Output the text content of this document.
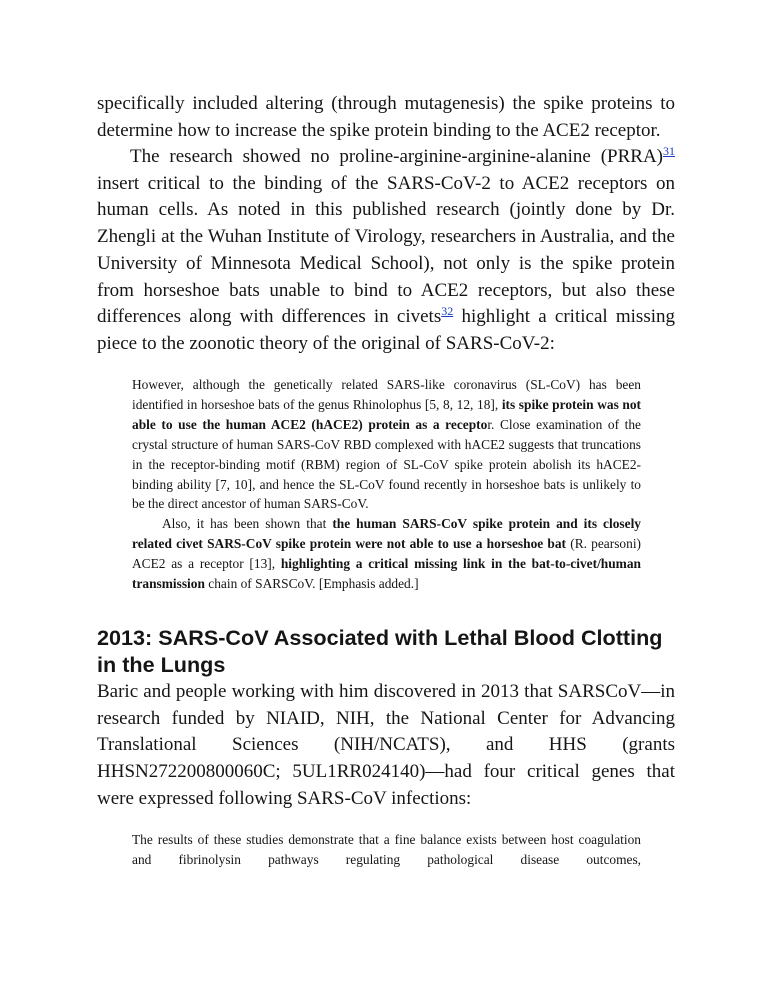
specifically included altering (through mutagenesis) the spike proteins to determine how to increase the spike protein binding to the ACE2 receptor.

The research showed no proline-arginine-arginine-alanine (PRRA)$^{31}$ insert critical to the binding of the SARS-CoV-2 to ACE2 receptors on human cells. As noted in this published research (jointly done by Dr. Zhengli at the Wuhan Institute of Virology, researchers in Australia, and the University of Minnesota Medical School), not only is the spike protein from horseshoe bats unable to bind to ACE2 receptors, but also these differences along with differences in civets$^{32}$ highlight a critical missing piece to the zoonotic theory of the original of SARS-CoV-2:

However, although the genetically related SARS-like coronavirus (SL-CoV) has been identified in horseshoe bats of the genus Rhinolophus [5, 8, 12, 18], its spike protein was not able to use the human ACE2 (hACE2) protein as a receptor. Close examination of the crystal structure of human SARS-CoV RBD complexed with hACE2 suggests that truncations in the receptor-binding motif (RBM) region of SL-CoV spike protein abolish its hACE2-binding ability [7, 10], and hence the SL-CoV found recently in horseshoe bats is unlikely to be the direct ancestor of human SARS-CoV.

Also, it has been shown that the human SARS-CoV spike protein and its closely related civet SARS-CoV spike protein were not able to use a horseshoe bat (R. pearsoni) ACE2 as a receptor [13], highlighting a critical missing link in the bat-to-civet/human transmission chain of SARSCoV. [Emphasis added.]

2013: SARS-CoV Associated with Lethal Blood Clotting
in the Lungs
Baric and people working with him discovered in 2013 that SARSCoV—in
research funded by NIAID, NIH, the National Center for Advancing
Translational Sciences (NIH/NCATS), and HHS (grants
HHSN272200800060C; 5UL1RR024140)—had four critical genes that
were expressed following SARS-CoV infections:

The results of these studies demonstrate that a fine balance exists between host coagulation and fibrinolysin pathways regulating pathological disease outcomes,
